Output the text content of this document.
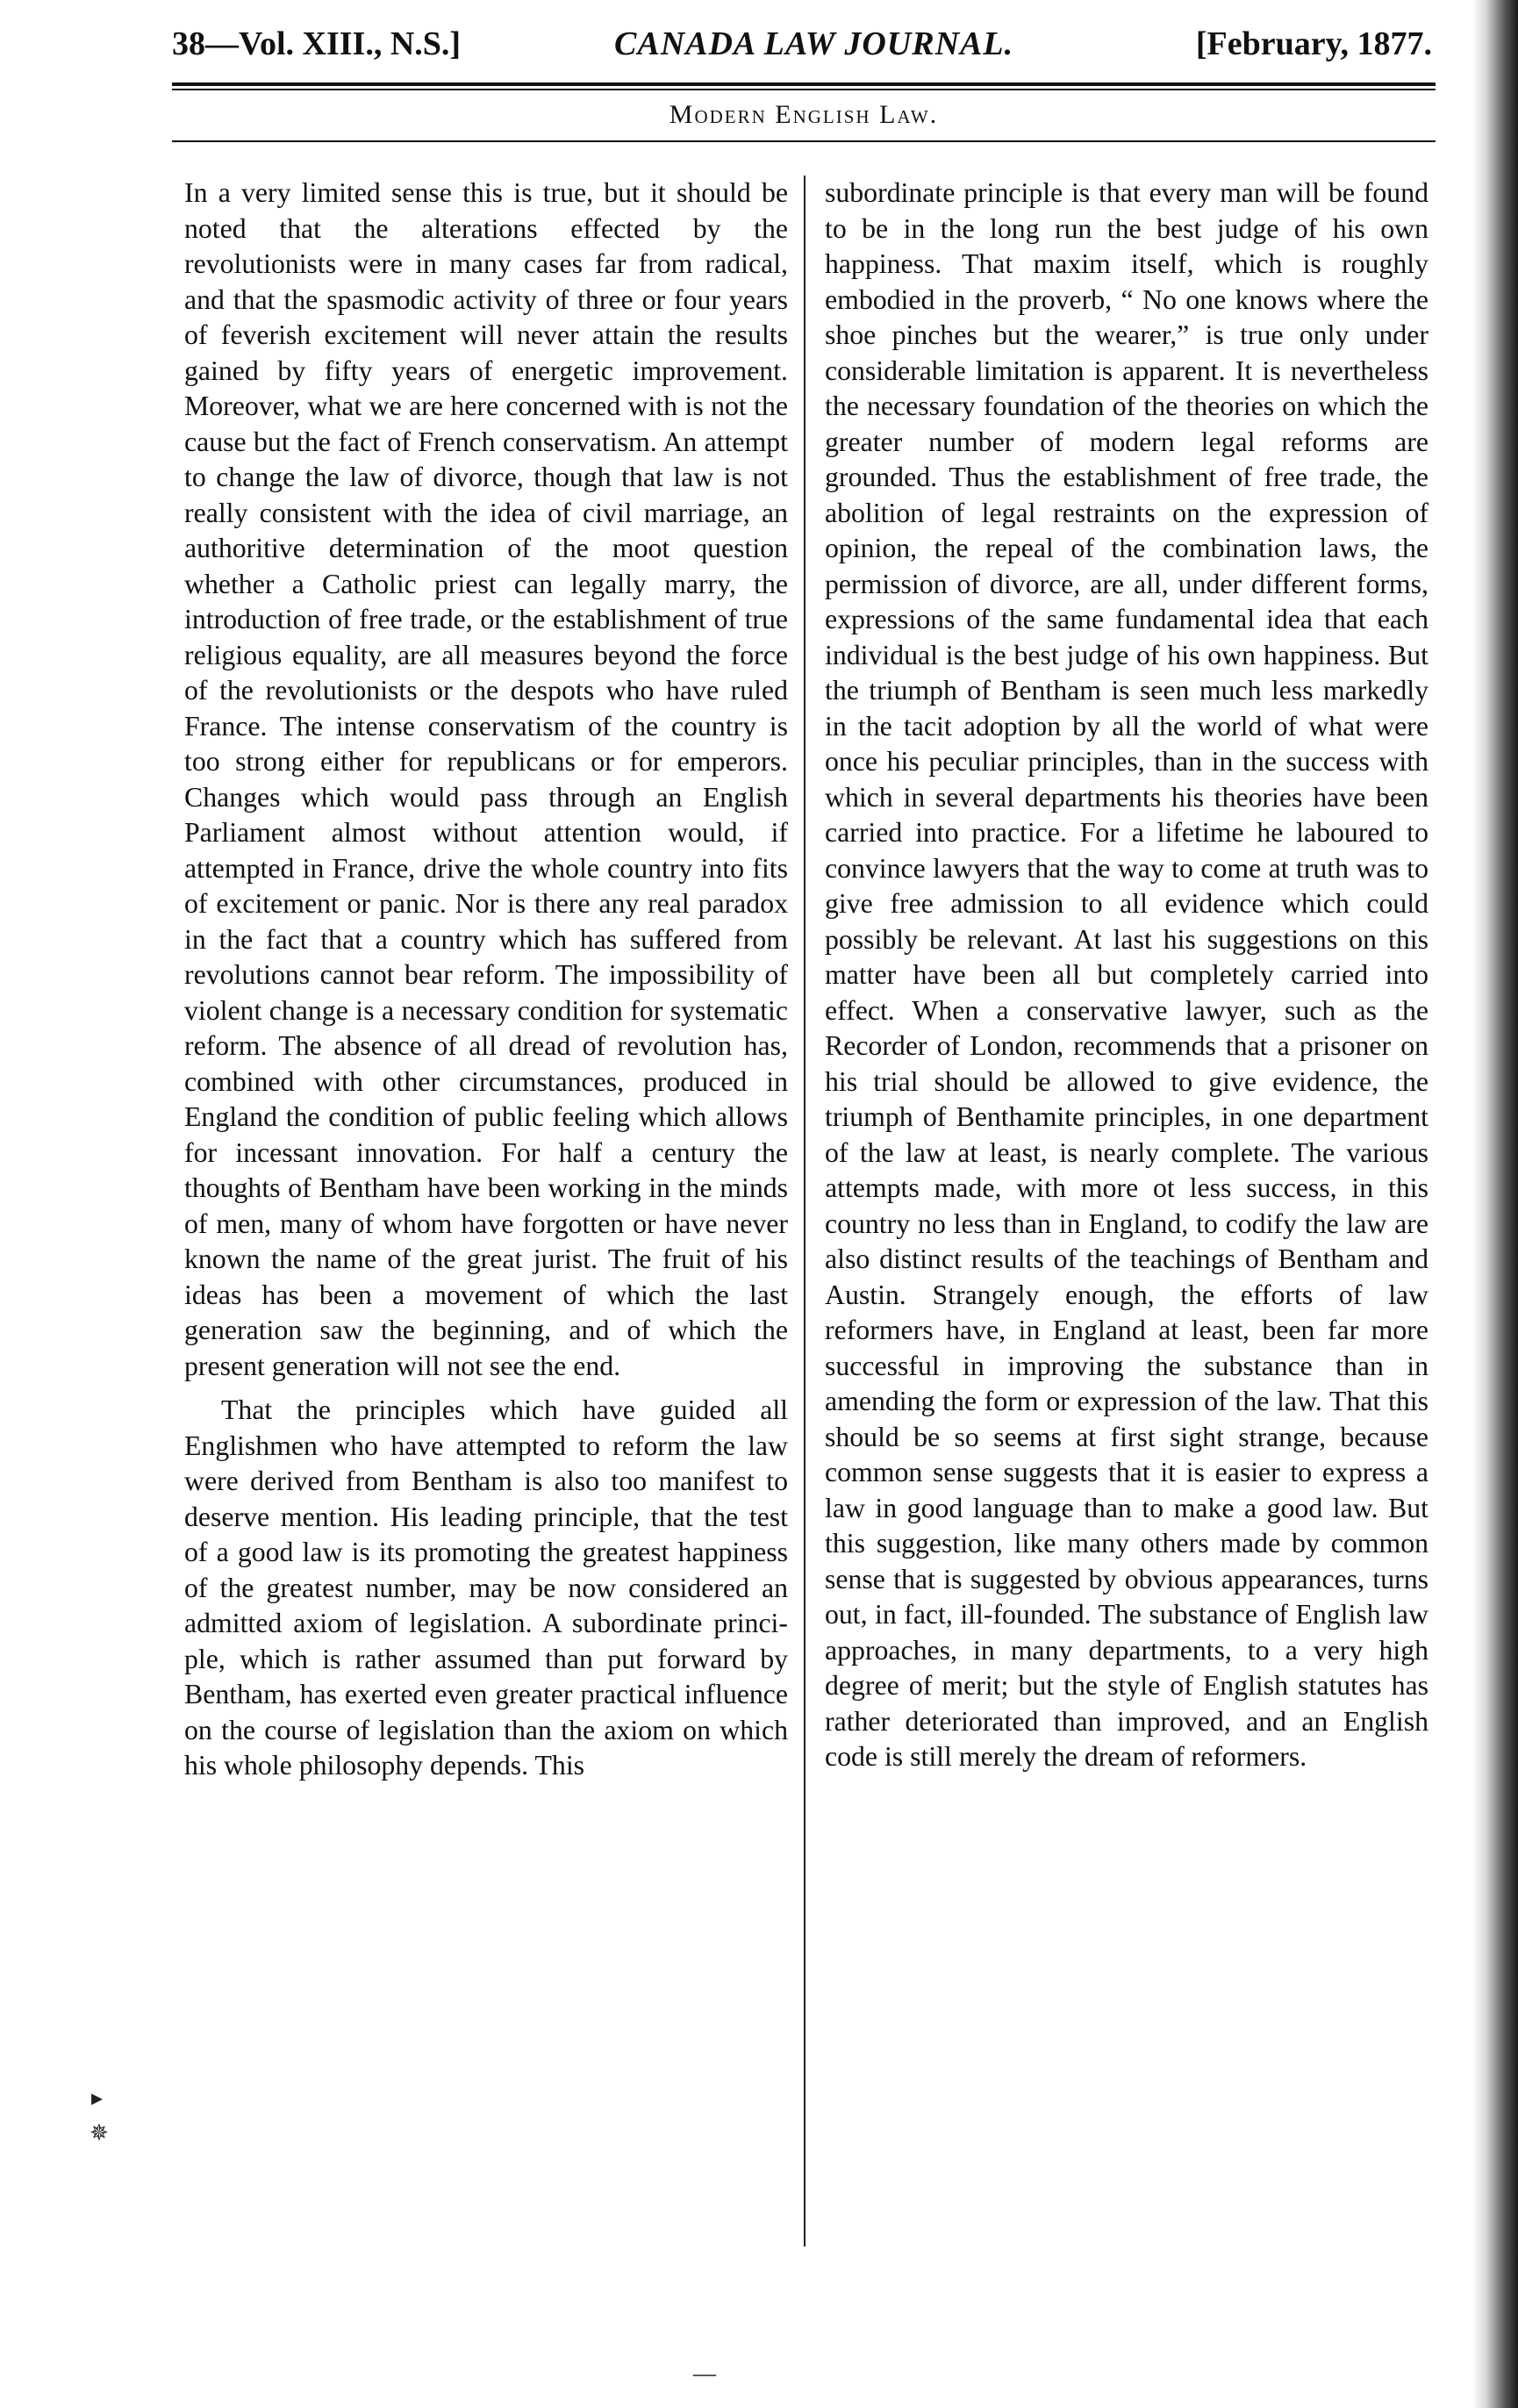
38—Vol. XIII., N.S.]	CANADA LAW JOURNAL.	[February, 1877.
Modern English Law.

In a very limited sense this is true, but it should be noted that the alterations effected by the revolutionists were in many cases far from radical, and that the spasmodic activity of three or four years of feverish excitement will never attain the results gained by fifty years of energetic improvement. Moreover, what we are here concerned with is not the cause but the fact of French conservatism. An attempt to change the law of divorce, though that law is not really consistent with the idea of civil marriage, an authoritive determination of the moot question whether a Catholic priest can legally marry, the introduction of free trade, or the establishment of true religious equality, are all measures beyond the force of the revolutionists or the despots who have ruled France. The intense conservatism of the country is too strong either for republicans or for emperors. Changes which would pass through an English Parliament almost without attention would, if attempted in France, drive the whole country into fits of excitement or panic. Nor is there any real paradox in the fact that a country which has suffered from revolutions cannot bear reform. The impossibility of violent change is a necessary condition for systematic reform. The absence of all dread of revolution has, combined with other circumstances, produced in England the condition of public feeling which allows for incessant innovation. For half a century the thoughts of Bentham have been working in the minds of men, many of whom have forgotten or have never known the name of the great jurist. The fruit of his ideas has been a movement of which the last generation saw the beginning, and of which the present generation will not see the end.

That the principles which have guided all Englishmen who have attempted to reform the law were derived from Bentham is also too manifest to deserve mention. His leading principle, that the test of a good law is its promoting the greatest happiness of the greatest number, may be now considered an admitted axiom of legislation. A subordinate principle, which is rather assumed than put forward by Bentham, has exerted even greater practical influence on the course of legislation than the axiom on which his whole philosophy depends. This

subordinate principle is that every man will be found to be in the long run the best judge of his own happiness. That maxim itself, which is roughly embodied in the proverb, “ No one knows where the shoe pinches but the wearer,” is true only under considerable limitation is apparent. It is nevertheless the necessary foundation of the theories on which the greater number of modern legal reforms are grounded. Thus the establishment of free trade, the abolition of legal restraints on the expression of opinion, the repeal of the combination laws, the permission of divorce, are all, under different forms, expressions of the same fundamental idea that each individual is the best judge of his own happiness. But the triumph of Bentham is seen much less markedly in the tacit adoption by all the world of what were once his peculiar principles, than in the success with which in several departments his theories have been carried into practice. For a lifetime he laboured to convince lawyers that the way to come at truth was to give free admission to all evidence which could possibly be relevant. At last his suggestions on this matter have been all but completely carried into effect. When a conservative lawyer, such as the Recorder of London, recommends that a prisoner on his trial should be allowed to give evidence, the triumph of Benthamite principles, in one department of the law at least, is nearly complete. The various attempts made, with more ot less success, in this country no less than in England, to codify the law are also distinct results of the teachings of Bentham and Austin. Strangely enough, the efforts of law reformers have, in England at least, been far more successful in improving the substance than in amending the form or expression of the law. That this should be so seems at first sight strange, because common sense suggests that it is easier to express a law in good language than to make a good law. But this suggestion, like many others made by common sense that is suggested by obvious appearances, turns out, in fact, ill-founded. The substance of English law approaches, in many departments, to a very high degree of merit; but the style of English statutes has rather deteriorated than improved, and an English code is still merely the dream of reformers.

▸
✵
—
